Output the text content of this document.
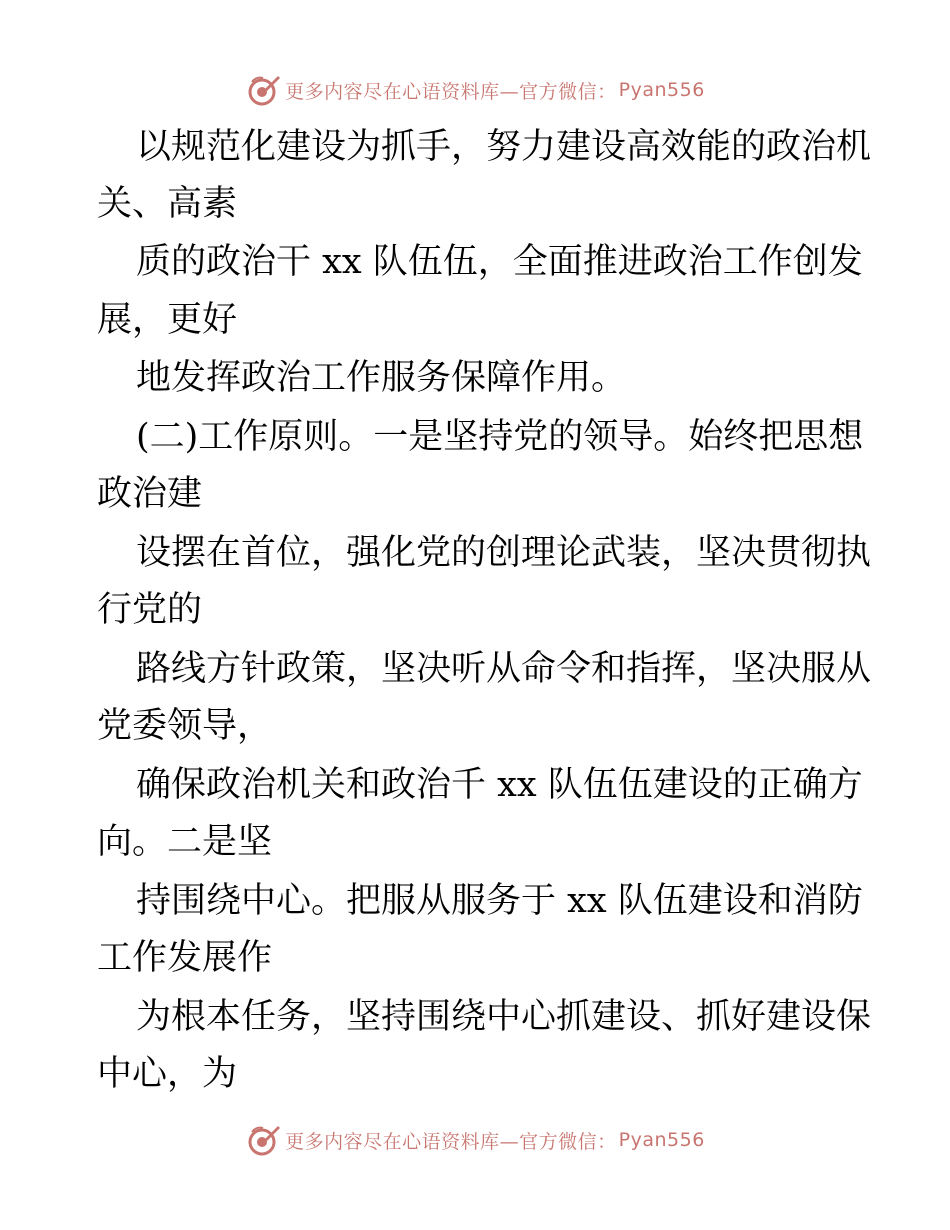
更多内容尽在心语资料库—官方微信： Pyan556
以规范化建设为抓手，努力建设高效能的政治机
关、高素
质的政治干 xx 队伍伍，全面推进政治工作创发
展，更好
地发挥政治工作服务保障作用。
(二)工作原则。一是坚持党的领导。始终把思想
政治建
设摆在首位，强化党的创理论武装，坚决贯彻执
行党的
路线方针政策，坚决听从命令和指挥，坚决服从
党委领导，
确保政治机关和政治千 xx 队伍伍建设的正确方
向。二是坚
持围绕中心。把服从服务于 xx 队伍建设和消防
工作发展作
为根本任务，坚持围绕中心抓建设、抓好建设保
中心，为
更多内容尽在心语资料库—官方微信： Pyan556
